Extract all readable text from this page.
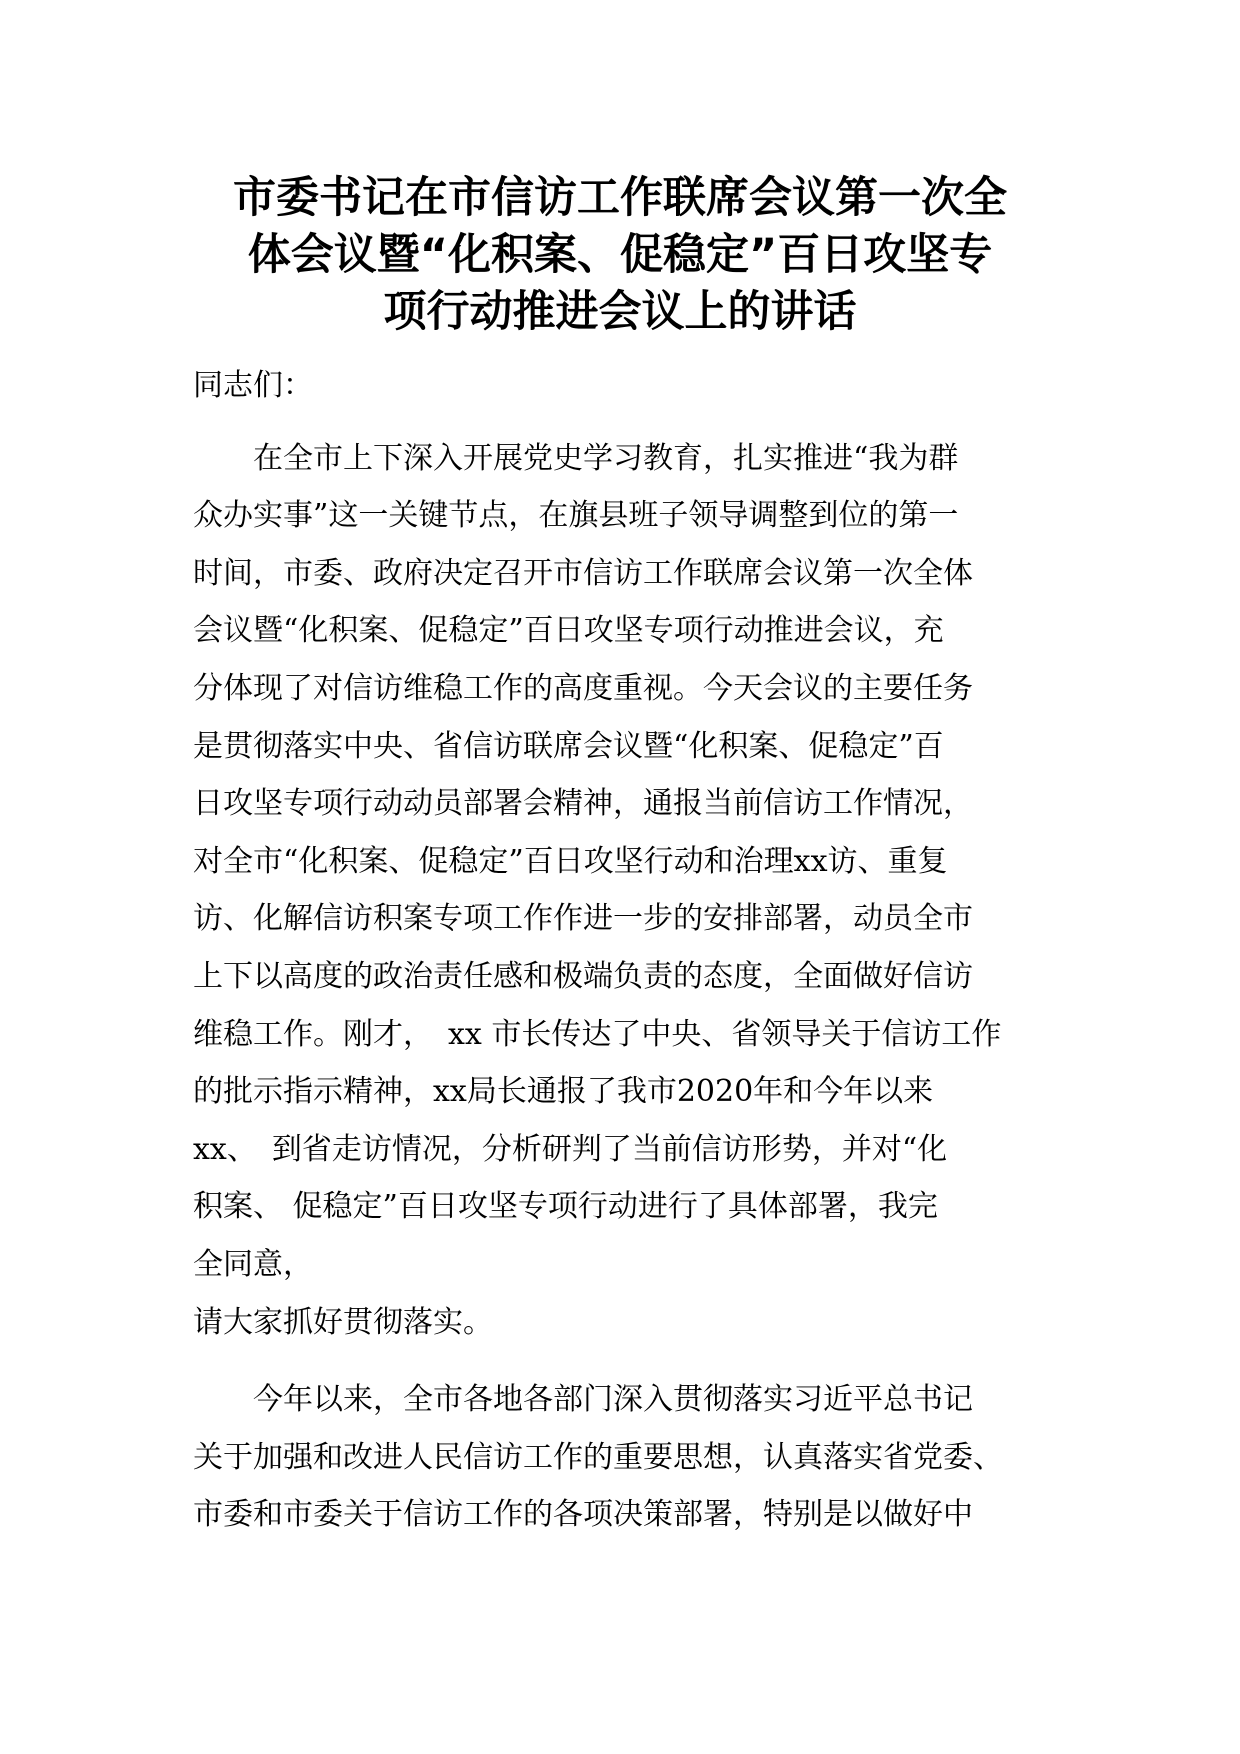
市委书记在市信访工作联席会议第一次全
体会议暨“化积案、促稳定”百日攻坚专
项行动推进会议上的讲话

同志们：

　　在全市上下深入开展党史学习教育，扎实推进“我为群
众办实事”这一关键节点，在旗县班子领导调整到位的第一
时间，市委、政府决定召开市信访工作联席会议第一次全体
会议暨“化积案、促稳定”百日攻坚专项行动推进会议，充
分体现了对信访维稳工作的高度重视。今天会议的主要任务
是贯彻落实中央、省信访联席会议暨“化积案、促稳定”百
日攻坚专项行动动员部署会精神，通报当前信访工作情况，
对全市“化积案、促稳定”百日攻坚行动和治理xx访、重复
访、化解信访积案专项工作作进一步的安排部署，动员全市
上下以高度的政治责任感和极端负责的态度，全面做好信访
维稳工作。刚才，　xx 市长传达了中央、省领导关于信访工作
的批示指示精神，xx局长通报了我市2020年和今年以来
xx、　到省走访情况，分析研判了当前信访形势，并对“化
积案、 促稳定”百日攻坚专项行动进行了具体部署，我完
全同意，
请大家抓好贯彻落实。

　　今年以来，全市各地各部门深入贯彻落实习近平总书记
关于加强和改进人民信访工作的重要思想，认真落实省党委、
市委和市委关于信访工作的各项决策部署，特别是以做好中
